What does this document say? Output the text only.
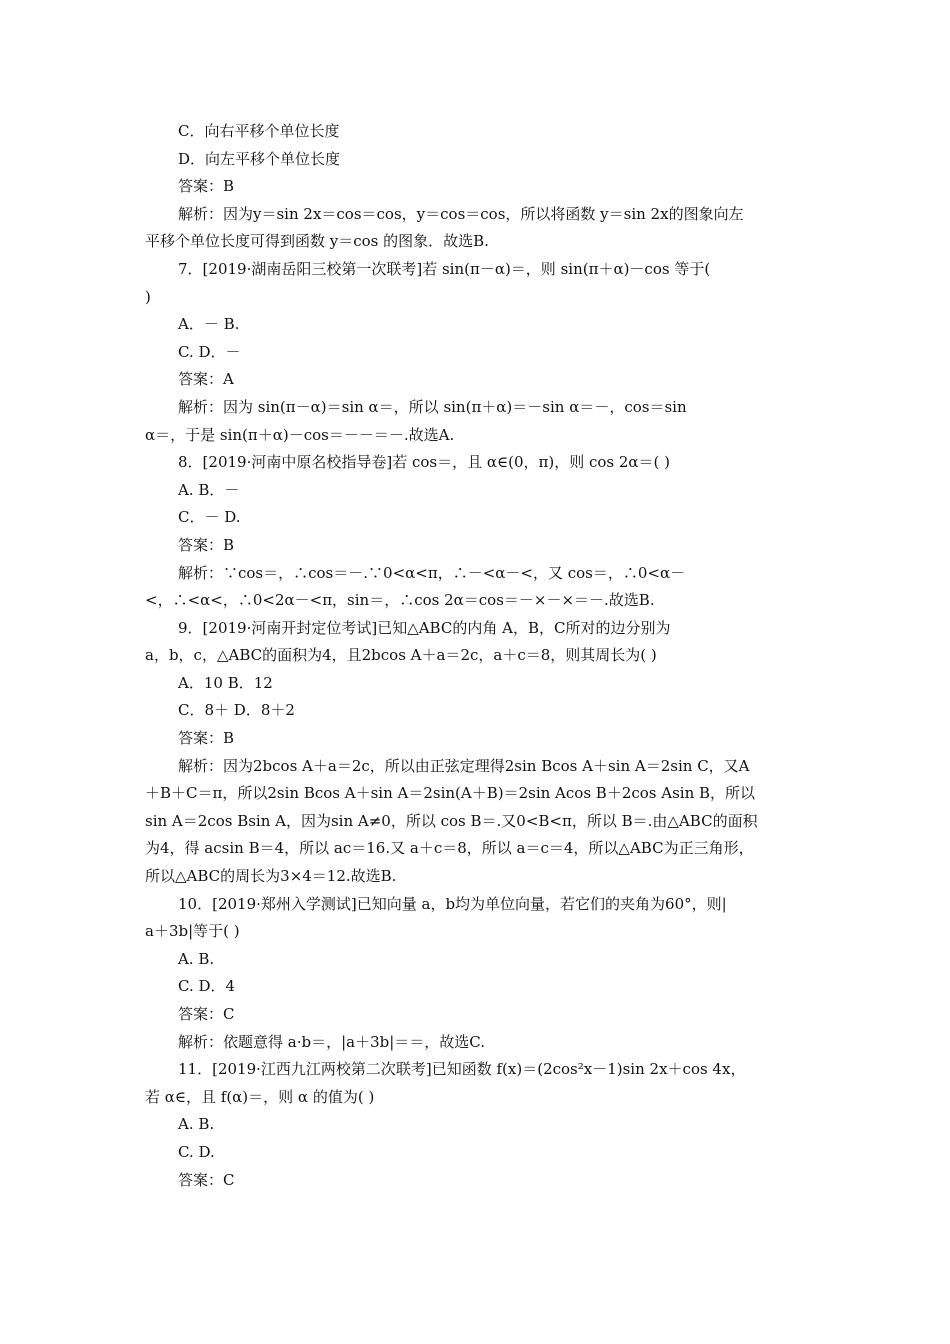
C．向右平移个单位长度
D．向左平移个单位长度
答案：B
解析：因为y＝sin 2x＝cos＝cos，y＝cos＝cos，所以将函数 y＝sin 2x的图象向左
平移个单位长度可得到函数 y＝cos 的图象．故选B.
7．[2019·湖南岳阳三校第一次联考]若 sin(π－α)＝，则 sin(π＋α)－cos 等于(
)
A．－ B.
C. D．－
答案：A
解析：因为 sin(π－α)＝sin α＝，所以 sin(π＋α)＝－sin α＝－，cos＝sin
α＝，于是 sin(π＋α)－cos＝－－＝－.故选A.
8．[2019·河南中原名校指导卷]若 cos＝，且 α∈(0，π)，则 cos 2α＝( )
A. B．－
C．－ D.
答案：B
解析：∵cos＝，∴cos＝－.∵0<α<π，∴－<α－<，又 cos＝，∴0<α－
<，∴<α<，∴0<2α－<π，sin＝，∴cos 2α＝cos＝－×－×＝－.故选B.
9．[2019·河南开封定位考试]已知△ABC的内角 A，B，C所对的边分别为
a，b，c，△ABC的面积为4，且2bcos A＋a＝2c，a＋c＝8，则其周长为( )
A．10 B．12
C．8＋ D．8＋2
答案：B
解析：因为2bcos A＋a＝2c，所以由正弦定理得2sin Bcos A＋sin A＝2sin C，又A
＋B＋C＝π，所以2sin Bcos A＋sin A＝2sin(A＋B)＝2sin Acos B＋2cos Asin B，所以
sin A＝2cos Bsin A，因为sin A≠0，所以 cos B＝.又0<B<π，所以 B＝.由△ABC的面积
为4，得 acsin B＝4，所以 ac＝16.又 a＋c＝8，所以 a＝c＝4，所以△ABC为正三角形，
所以△ABC的周长为3×4＝12.故选B.
10．[2019·郑州入学测试]已知向量 a，b均为单位向量，若它们的夹角为60°，则|
a＋3b|等于( )
A. B.
C. D．4
答案：C
解析：依题意得 a·b＝，|a＋3b|＝＝，故选C.
11．[2019·江西九江两校第二次联考]已知函数 f(x)＝(2cos²x－1)sin 2x＋cos 4x，
若 α∈，且 f(α)＝，则 α 的值为( )
A. B.
C. D.
答案：C
